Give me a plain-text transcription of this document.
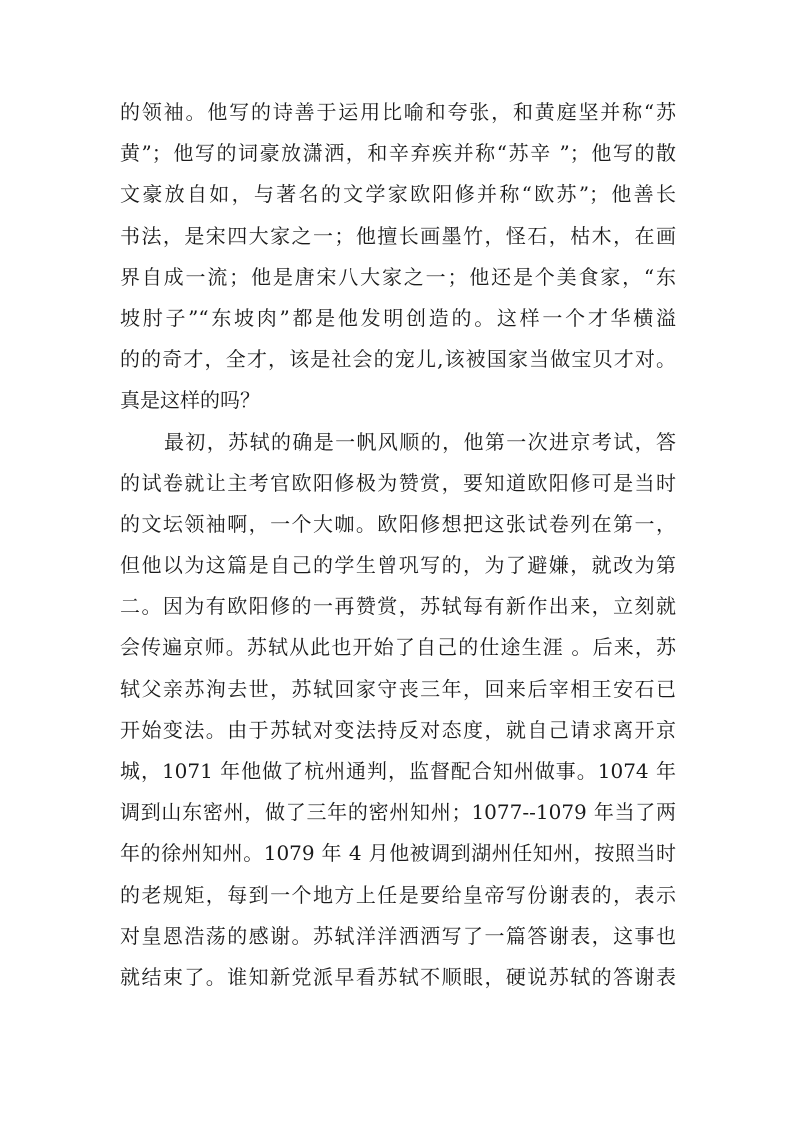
的领袖。他写的诗善于运用比喻和夸张，和黄庭坚并称“苏
黄”；他写的词豪放潇洒，和辛弃疾并称“苏辛 ”；他写的散
文豪放自如，与著名的文学家欧阳修并称“欧苏”；他善长
书法，是宋四大家之一；他擅长画墨竹，怪石，枯木，在画
界自成一流；他是唐宋八大家之一；他还是个美食家，“东
坡肘子”“东坡肉”都是他发明创造的。这样一个才华横溢
的的奇才，全才，该是社会的宠儿,该被国家当做宝贝才对。
真是这样的吗？
最初，苏轼的确是一帆风顺的，他第一次进京考试，答
的试卷就让主考官欧阳修极为赞赏，要知道欧阳修可是当时
的文坛领袖啊，一个大咖。欧阳修想把这张试卷列在第一，
但他以为这篇是自己的学生曾巩写的，为了避嫌，就改为第
二。因为有欧阳修的一再赞赏，苏轼每有新作出来，立刻就
会传遍京师。苏轼从此也开始了自己的仕途生涯 。后来，苏
轼父亲苏洵去世，苏轼回家守丧三年，回来后宰相王安石已
开始变法。由于苏轼对变法持反对态度，就自己请求离开京
城，1071 年他做了杭州通判，监督配合知州做事。1074 年
调到山东密州，做了三年的密州知州；1077--1079 年当了两
年的徐州知州。1079 年 4 月他被调到湖州任知州，按照当时
的老规矩，每到一个地方上任是要给皇帝写份谢表的，表示
对皇恩浩荡的感谢。苏轼洋洋洒洒写了一篇答谢表，这事也
就结束了。谁知新党派早看苏轼不顺眼，硬说苏轼的答谢表
